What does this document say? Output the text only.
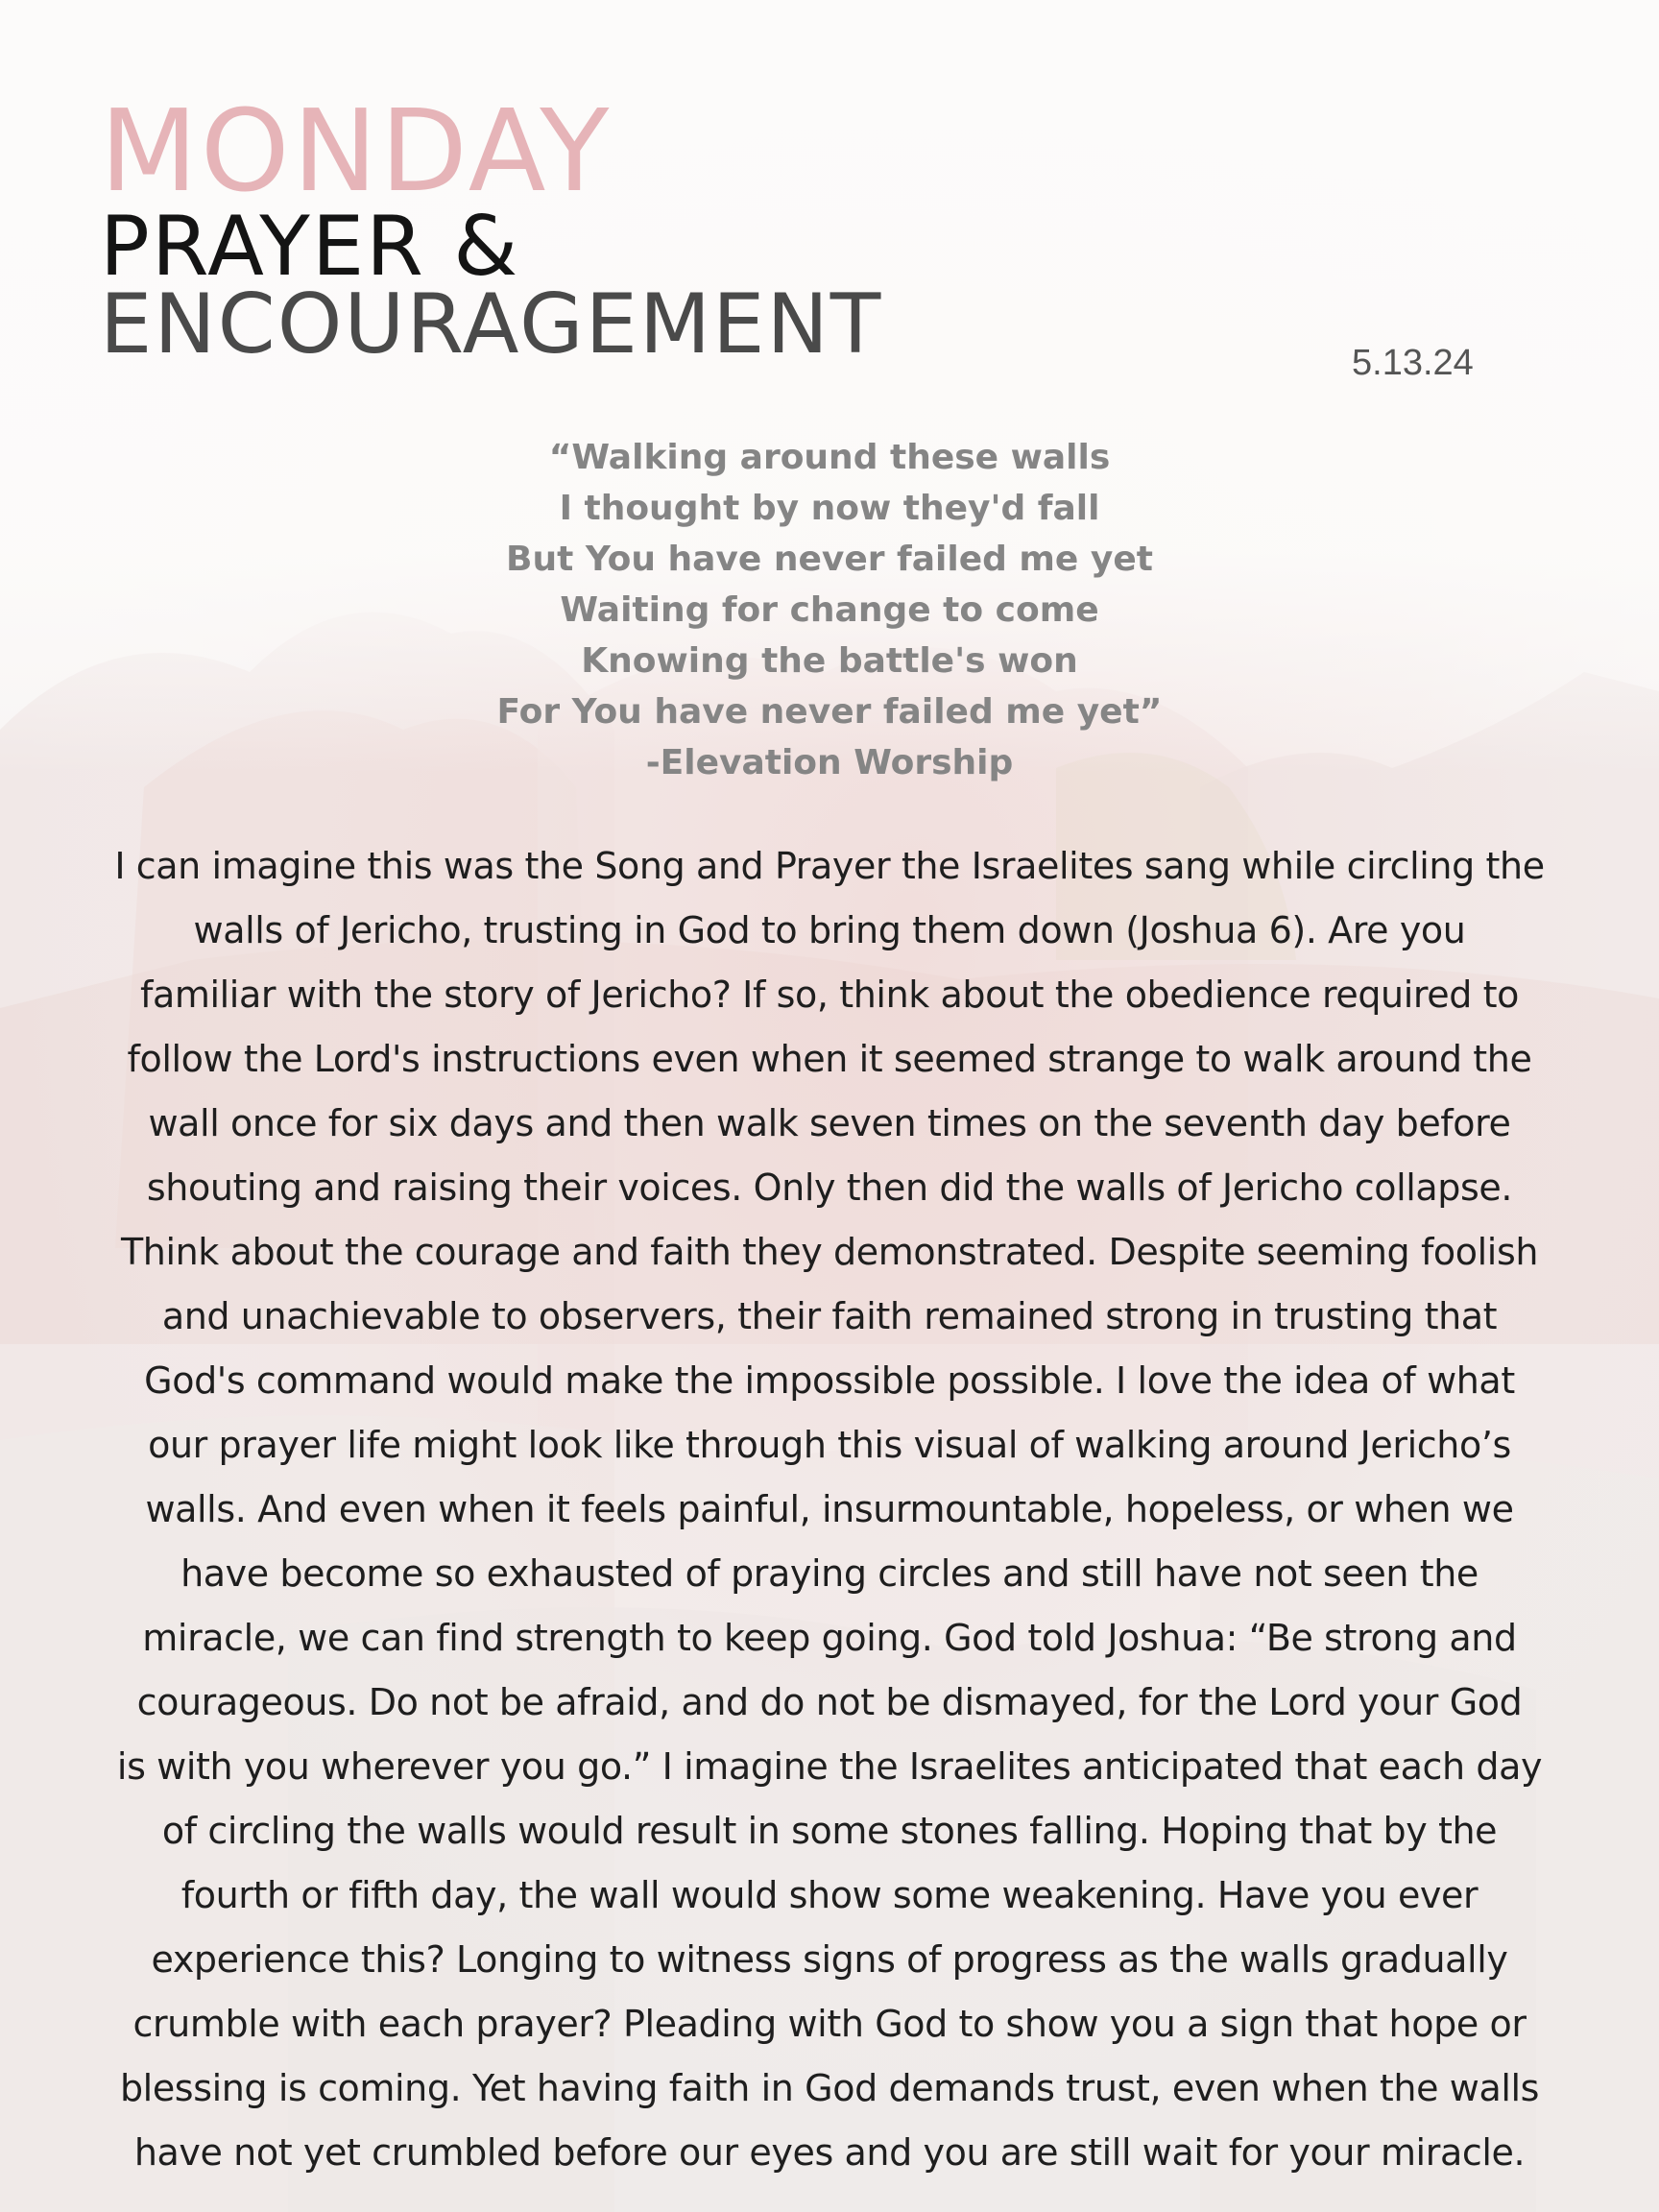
MONDAY
PRAYER &
ENCOURAGEMENT	5.13.24
“Walking around these walls
I thought by now they'd fall
But You have never failed me yet
Waiting for change to come
Knowing the battle's won
For You have never failed me yet”
-Elevation Worship
I can imagine this was the Song and Prayer the Israelites sang while circling the
walls of Jericho, trusting in God to bring them down (Joshua 6). Are you
familiar with the story of Jericho? If so, think about the obedience required to
follow the Lord's instructions even when it seemed strange to walk around the
wall once for six days and then walk seven times on the seventh day before
shouting and raising their voices. Only then did the walls of Jericho collapse.
Think about the courage and faith they demonstrated. Despite seeming foolish
and unachievable to observers, their faith remained strong in trusting that
God's command would make the impossible possible. I love the idea of what
our prayer life might look like through this visual of walking around Jericho’s
walls. And even when it feels painful, insurmountable, hopeless, or when we
have become so exhausted of praying circles and still have not seen the
miracle, we can find strength to keep going. God told Joshua: “Be strong and
courageous. Do not be afraid, and do not be dismayed, for the Lord your God
is with you wherever you go.” I imagine the Israelites anticipated that each day
of circling the walls would result in some stones falling. Hoping that by the
fourth or fifth day, the wall would show some weakening. Have you ever
experience this? Longing to witness signs of progress as the walls gradually
crumble with each prayer? Pleading with God to show you a sign that hope or
blessing is coming. Yet having faith in God demands trust, even when the walls
have not yet crumbled before our eyes and you are still wait for your miracle.
